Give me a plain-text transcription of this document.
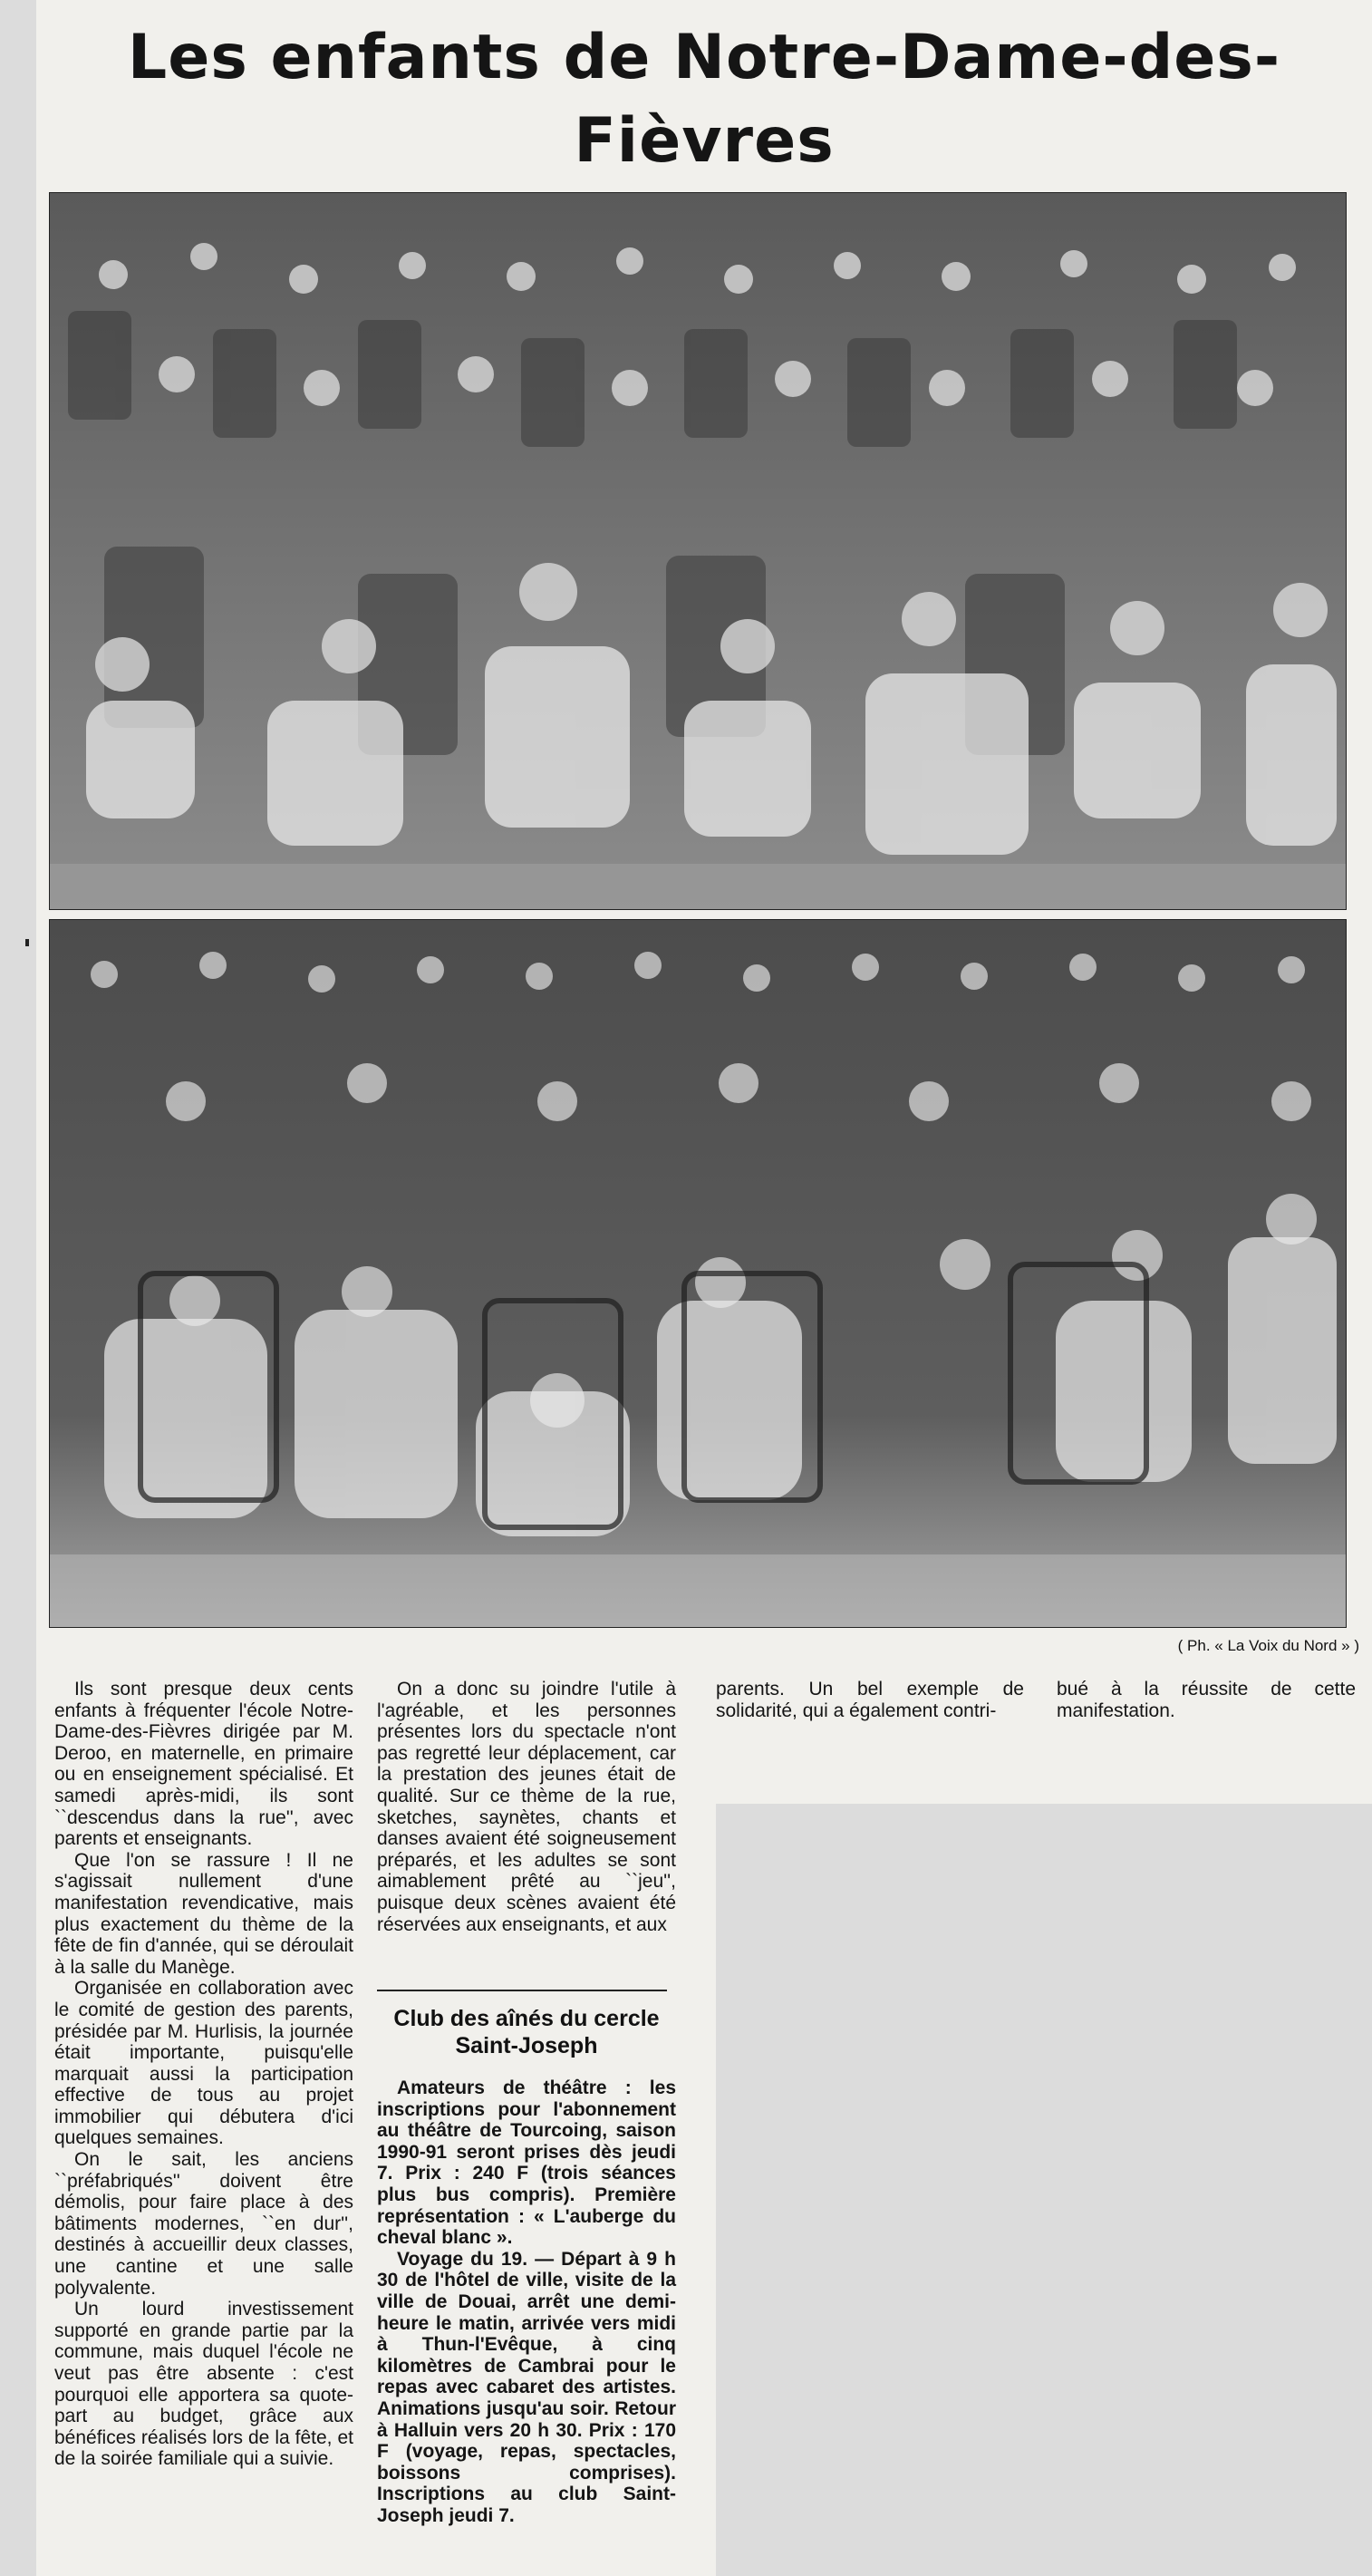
Les enfants de Notre-Dame-des-Fièvres
( Ph. « La Voix du Nord » )

Ils sont presque deux cents enfants à fréquenter l'école Notre-Dame-des-Fièvres dirigée par M. Deroo, en maternelle, en primaire ou en enseignement spécialisé. Et samedi après-midi, ils sont ``descendus dans la rue'', avec parents et enseignants.

Que l'on se rassure ! Il ne s'agissait nullement d'une manifestation revendicative, mais plus exactement du thème de la fête de fin d'année, qui se déroulait à la salle du Manège.

Organisée en collaboration avec le comité de gestion des parents, présidée par M. Hurlisis, la journée était importante, puisqu'elle marquait aussi la participation effective de tous au projet immobilier qui débutera d'ici quelques semaines.

On le sait, les anciens ``préfabriqués'' doivent être démolis, pour faire place à des bâtiments modernes, ``en dur'', destinés à accueillir deux classes, une cantine et une salle polyvalente.

Un lourd investissement supporté en grande partie par la commune, mais duquel l'école ne veut pas être absente : c'est pourquoi elle apportera sa quote-part au budget, grâce aux bénéfices réalisés lors de la fête, et de la soirée familiale qui a suivie.

On a donc su joindre l'utile à l'agréable, et les personnes présentes lors du spectacle n'ont pas regretté leur déplacement, car la prestation des jeunes était de qualité. Sur ce thème de la rue, sketches, saynètes, chants et danses avaient été soigneusement préparés, et les adultes se sont aimablement prêté au ``jeu'', puisque deux scènes avaient été réservées aux enseignants, et aux

Club des aînés du cercle Saint-Joseph

Amateurs de théâtre : les inscriptions pour l'abonnement au théâtre de Tourcoing, saison 1990-91 seront prises dès jeudi 7. Prix : 240 F (trois séances plus bus compris). Première représentation : « L'auberge du cheval blanc ».

Voyage du 19. — Départ à 9 h 30 de l'hôtel de ville, visite de la ville de Douai, arrêt une demi-heure le matin, arrivée vers midi à Thun-l'Evêque, à cinq kilomètres de Cambrai pour le repas avec cabaret des artistes. Animations jusqu'au soir. Retour à Halluin vers 20 h 30. Prix : 170 F (voyage, repas, spectacles, boissons comprises). Inscriptions au club Saint-Joseph jeudi 7.

parents. Un bel exemple de solidarité, qui a également contri-

bué à la réussite de cette manifestation.
